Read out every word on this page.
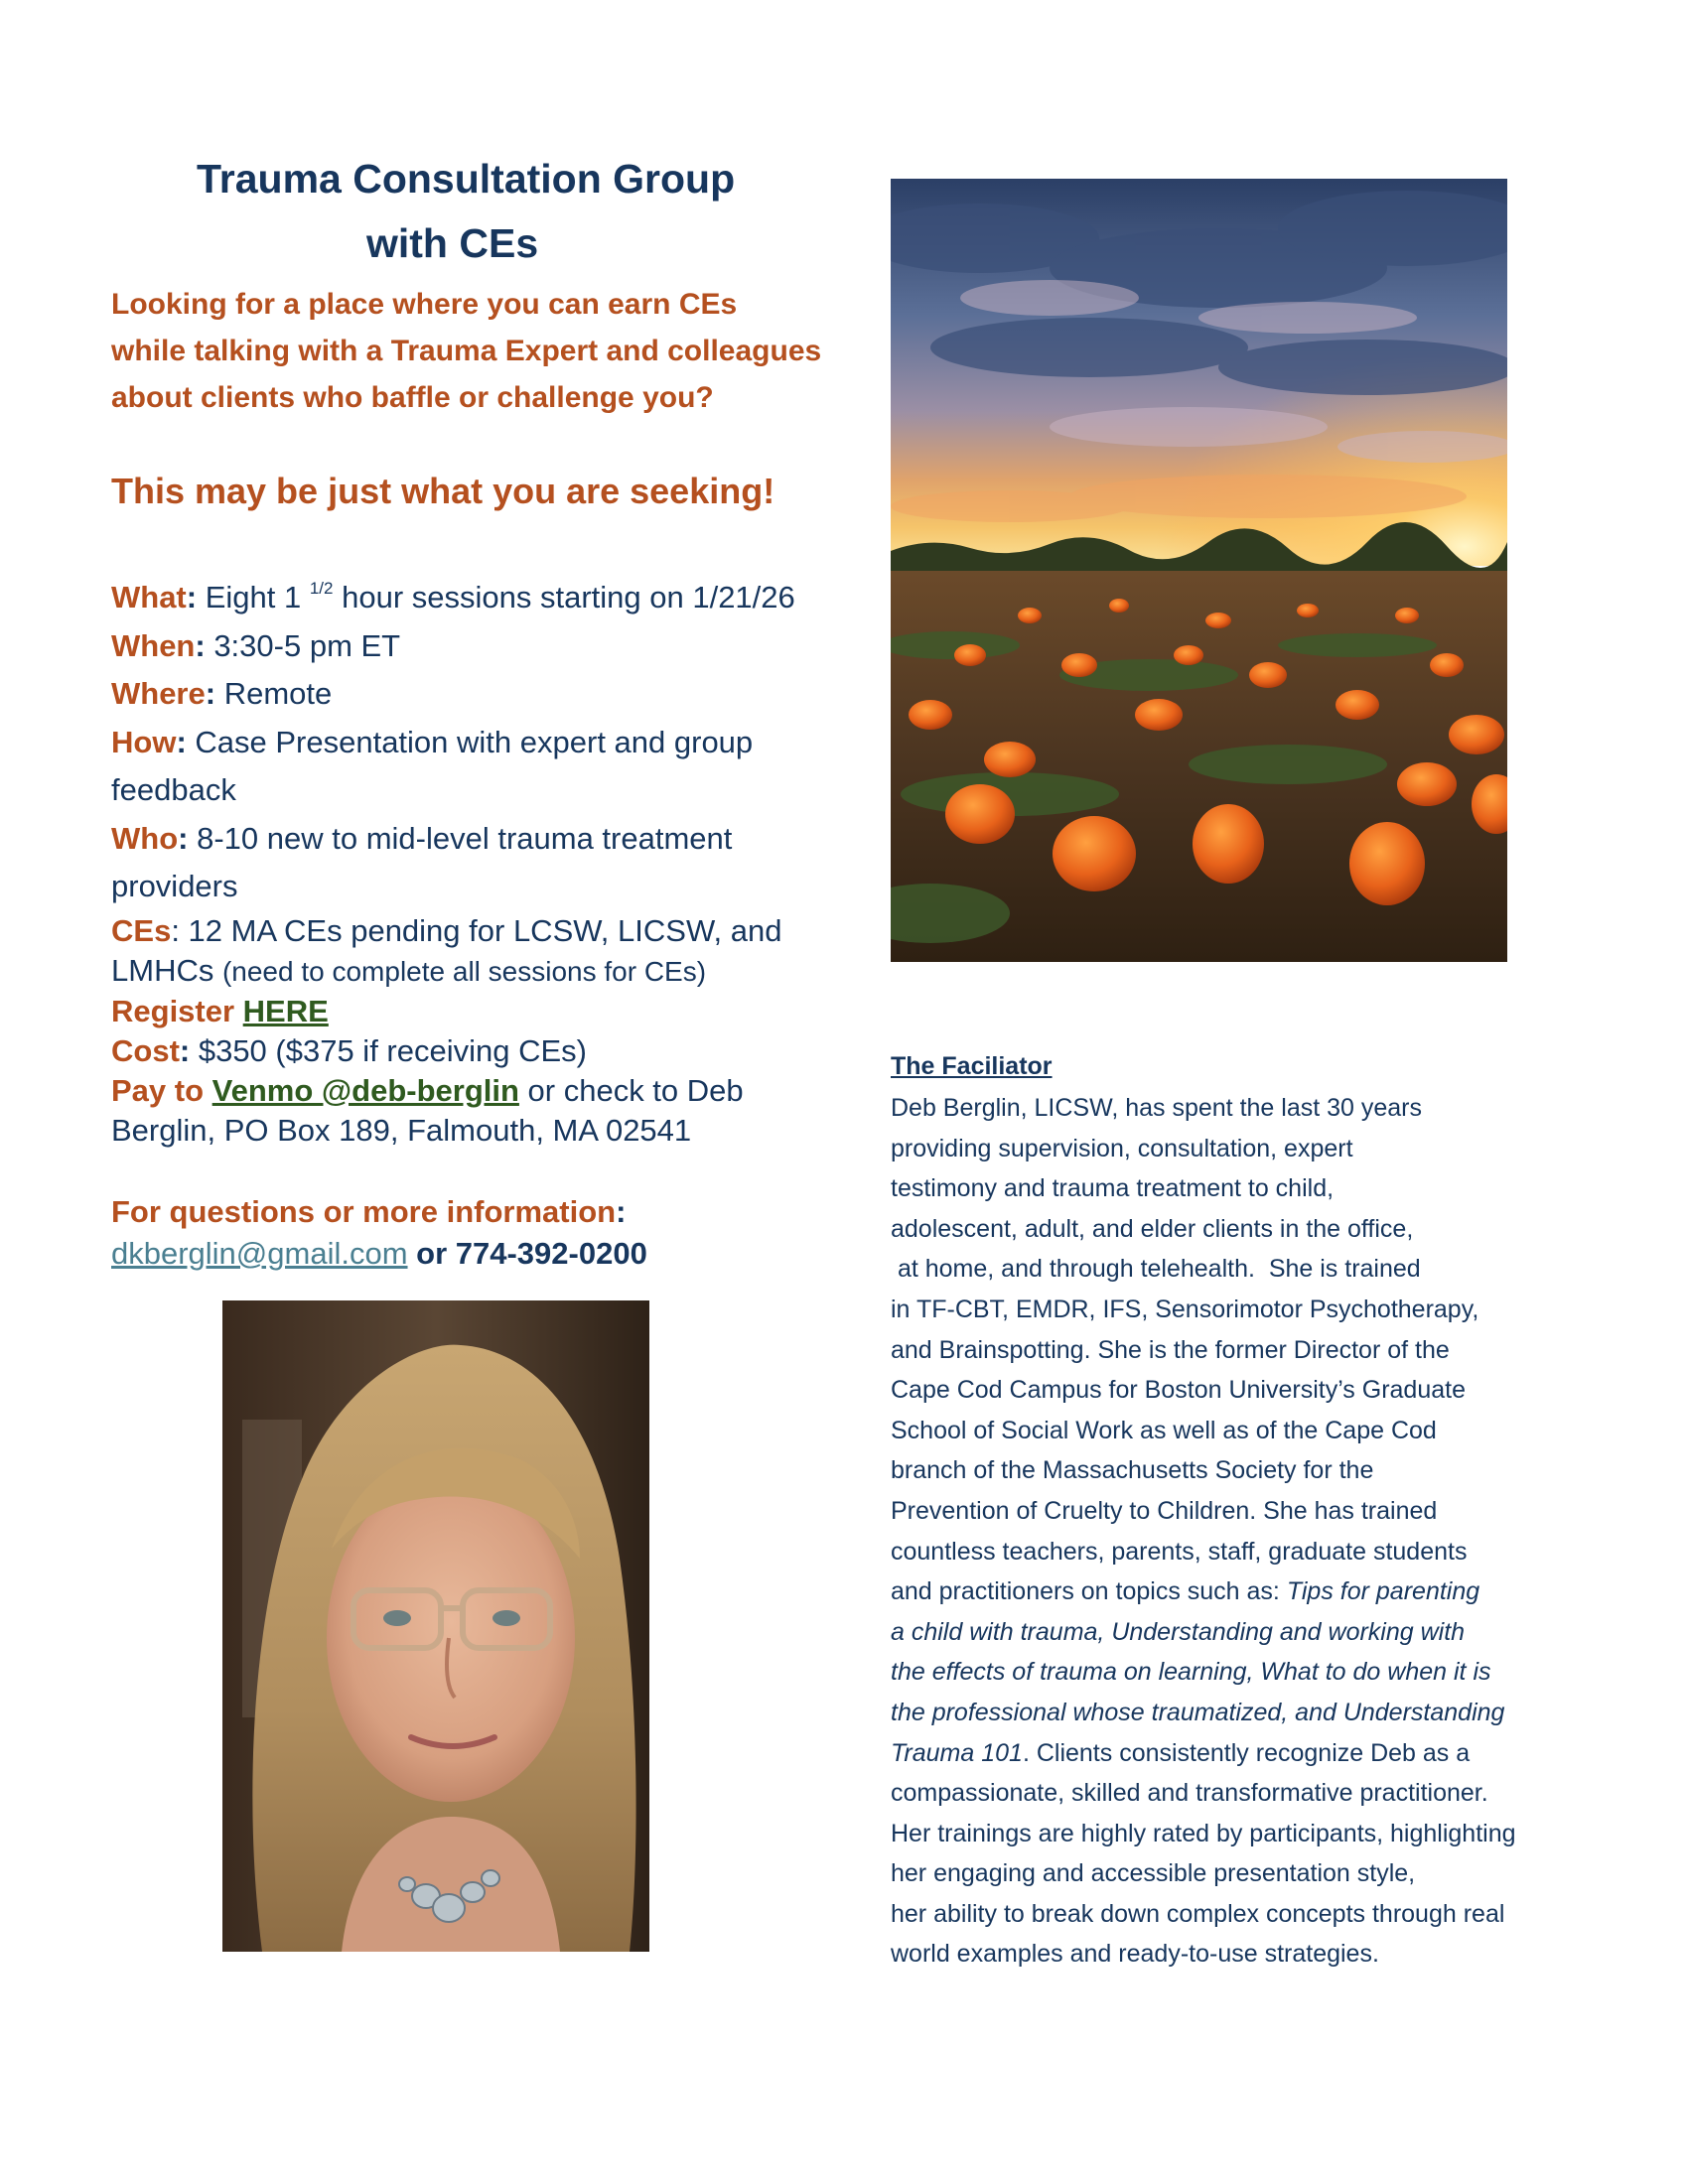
Trauma Consultation Group
with CEs
Looking for a place where you can earn CEs
while talking with a Trauma Expert and colleagues
about clients who baffle or challenge you?
This may be just what you are seeking!
What: Eight 1 $^{1/2}$ hour sessions starting on 1/21/26
When: 3:30-5 pm ET
Where: Remote
How: Case Presentation with expert and group
feedback
Who: 8-10 new to mid-level trauma treatment
providers
CEs: 12 MA CEs pending for LCSW, LICSW, and
LMHCs (need to complete all sessions for CEs)
Register HERE
Cost: $350 ($375 if receiving CEs)
Pay to Venmo @deb-berglin or check to Deb
Berglin, PO Box 189, Falmouth, MA 02541
For questions or more information:
dkberglin@gmail.com or 774-392-0200
The Faciliator
Deb Berglin, LICSW, has spent the last 30 years
providing supervision, consultation, expert
testimony and trauma treatment to child,
adolescent, adult, and elder clients in the office,
at home, and through telehealth.  She is trained
in TF-CBT, EMDR, IFS, Sensorimotor Psychotherapy,
and Brainspotting. She is the former Director of the
Cape Cod Campus for Boston University’s Graduate
School of Social Work as well as of the Cape Cod
branch of the Massachusetts Society for the
Prevention of Cruelty to Children. She has trained
countless teachers, parents, staff, graduate students
and practitioners on topics such as: Tips for parenting
a child with trauma, Understanding and working with
the effects of trauma on learning, What to do when it is
the professional whose traumatized, and Understanding
Trauma 101. Clients consistently recognize Deb as a
compassionate, skilled and transformative practitioner.
Her trainings are highly rated by participants, highlighting
her engaging and accessible presentation style,
her ability to break down complex concepts through real
world examples and ready-to-use strategies.
